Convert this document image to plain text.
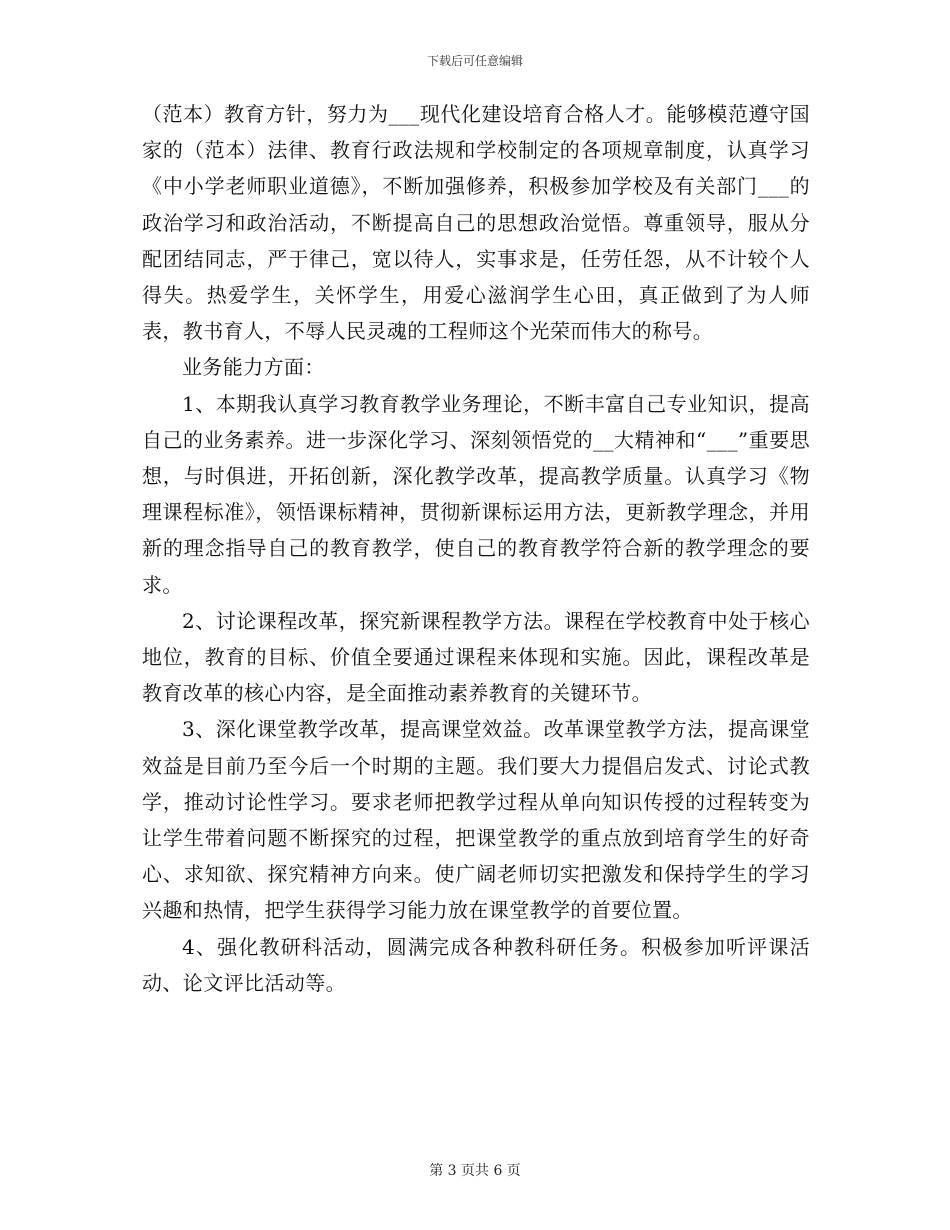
下载后可任意编辑

（范本）教育方针，努力为___现代化建设培育合格人才。能够模范遵守国家的（范本）法律、教育行政法规和学校制定的各项规章制度，认真学习《中小学老师职业道德》，不断加强修养，积极参加学校及有关部门___的政治学习和政治活动，不断提高自己的思想政治觉悟。尊重领导，服从分配团结同志，严于律己，宽以待人，实事求是，任劳任怨，从不计较个人得失。热爱学生，关怀学生，用爱心滋润学生心田，真正做到了为人师表，教书育人，不辱人民灵魂的工程师这个光荣而伟大的称号。

业务能力方面：

1、本期我认真学习教育教学业务理论，不断丰富自己专业知识，提高自己的业务素养。进一步深化学习、深刻领悟党的__大精神和“___”重要思想，与时俱进，开拓创新，深化教学改革，提高教学质量。认真学习《物理课程标准》，领悟课标精神，贯彻新课标运用方法，更新教学理念，并用新的理念指导自己的教育教学，使自己的教育教学符合新的教学理念的要求。

2、讨论课程改革，探究新课程教学方法。课程在学校教育中处于核心地位，教育的目标、价值全要通过课程来体现和实施。因此，课程改革是教育改革的核心内容，是全面推动素养教育的关键环节。

3、深化课堂教学改革，提高课堂效益。改革课堂教学方法，提高课堂效益是目前乃至今后一个时期的主题。我们要大力提倡启发式、讨论式教学，推动讨论性学习。要求老师把教学过程从单向知识传授的过程转变为让学生带着问题不断探究的过程，把课堂教学的重点放到培育学生的好奇心、求知欲、探究精神方向来。使广阔老师切实把激发和保持学生的学习兴趣和热情，把学生获得学习能力放在课堂教学的首要位置。

4、强化教研科活动，圆满完成各种教科研任务。积极参加听评课活动、论文评比活动等。

第 3 页共 6 页
